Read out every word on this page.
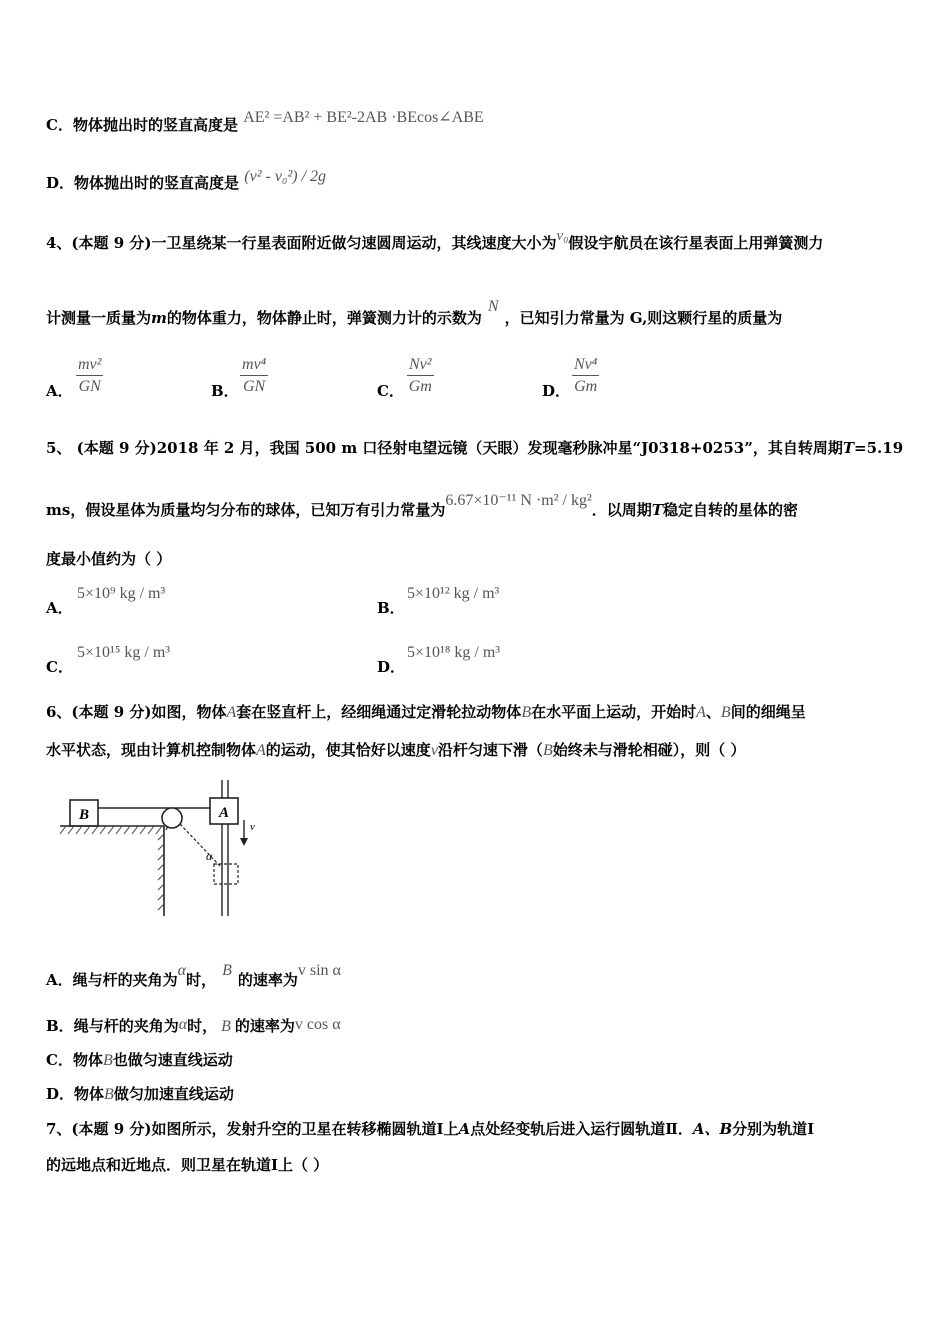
C．物体抛出时的竖直高度是 AE² =AB² + BE²-2AB ·BEcos∠ABE
D．物体抛出时的竖直高度是 (v² - v₀²) / 2g
4、(本题 9 分)一卫星绕某一行星表面附近做匀速圆周运动，其线速度大小为v₀假设宇航员在该行星表面上用弹簧测力
计测量一质量为m的物体重力，物体静止时，弹簧测力计的示数为N，已知引力常量为 G,则这颗行星的质量为
A． $\frac{\text{mv²}}{GN}$	B． $\frac{\text{mv⁴}}{GN}$	C． $\frac{\text{Nv²}}{Gm}$	D． $\frac{\text{Nv⁴}}{Gm}$
5、 (本题 9 分)2018 年 2 月，我国 500 m 口径射电望远镜（天眼）发现毫秒脉冲星“J0318+0253”，其自转周期T=5.19
ms，假设星体为质量均匀分布的球体，已知万有引力常量为6.67×10⁻¹¹ N ·m² / kg²．以周期T稳定自转的星体的密
度最小值约为（ ）
A．
5×10⁹ kg / m³
B．
5×10¹² kg / m³
C．
5×10¹⁵ kg / m³
D．
5×10¹⁸ kg / m³
6、(本题 9 分)如图，物体A套在竖直杆上，经细绳通过定滑轮拉动物体B在水平面上运动，开始时A、B间的细绳呈
水平状态，现由计算机控制物体A的运动，使其恰好以速度v沿杆匀速下滑（B始终未与滑轮相碰），则（ ）
B	A
α
v
A．绳与杆的夹角为α时，B的速率为v sin α
B．绳与杆的夹角为α时， B 的速率为v cos α
C．物体B也做匀速直线运动
D．物体B做匀加速直线运动
7、(本题 9 分)如图所示，发射升空的卫星在转移椭圆轨道Ⅰ上A点处经变轨后进入运行圆轨道Ⅱ．A、B分别为轨道Ⅰ
的远地点和近地点．则卫星在轨道Ⅰ上（ ）
